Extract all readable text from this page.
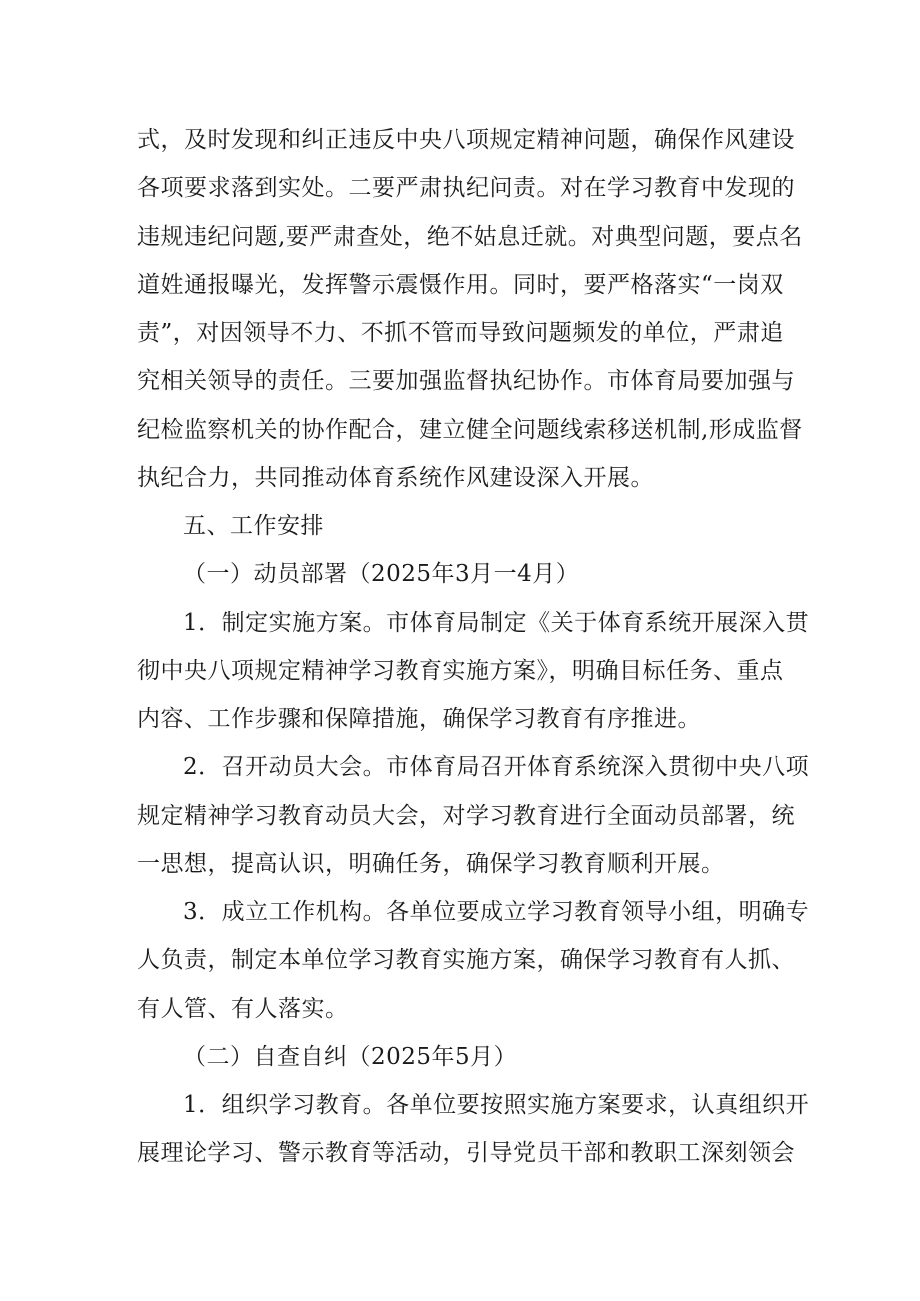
式，及时发现和纠正违反中央八项规定精神问题，确保作风建设
各项要求落到实处。二要严肃执纪问责。对在学习教育中发现的
违规违纪问题,要严肃查处，绝不姑息迁就。对典型问题，要点名
道姓通报曝光，发挥警示震慑作用。同时，要严格落实“一岗双
责”，对因领导不力、不抓不管而导致问题频发的单位，严肃追
究相关领导的责任。三要加强监督执纪协作。市体育局要加强与
纪检监察机关的协作配合，建立健全问题线索移送机制,形成监督
执纪合力，共同推动体育系统作风建设深入开展。
五、工作安排
（一）动员部署（2025年3月一4月）
1．制定实施方案。市体育局制定《关于体育系统开展深入贯
彻中央八项规定精神学习教育实施方案》，明确目标任务、重点
内容、工作步骤和保障措施，确保学习教育有序推进。
2．召开动员大会。市体育局召开体育系统深入贯彻中央八项
规定精神学习教育动员大会，对学习教育进行全面动员部署，统
一思想，提高认识，明确任务，确保学习教育顺利开展。
3．成立工作机构。各单位要成立学习教育领导小组，明确专
人负责，制定本单位学习教育实施方案，确保学习教育有人抓、
有人管、有人落实。
（二）自查自纠（2025年5月）
1．组织学习教育。各单位要按照实施方案要求，认真组织开
展理论学习、警示教育等活动，引导党员干部和教职工深刻领会
